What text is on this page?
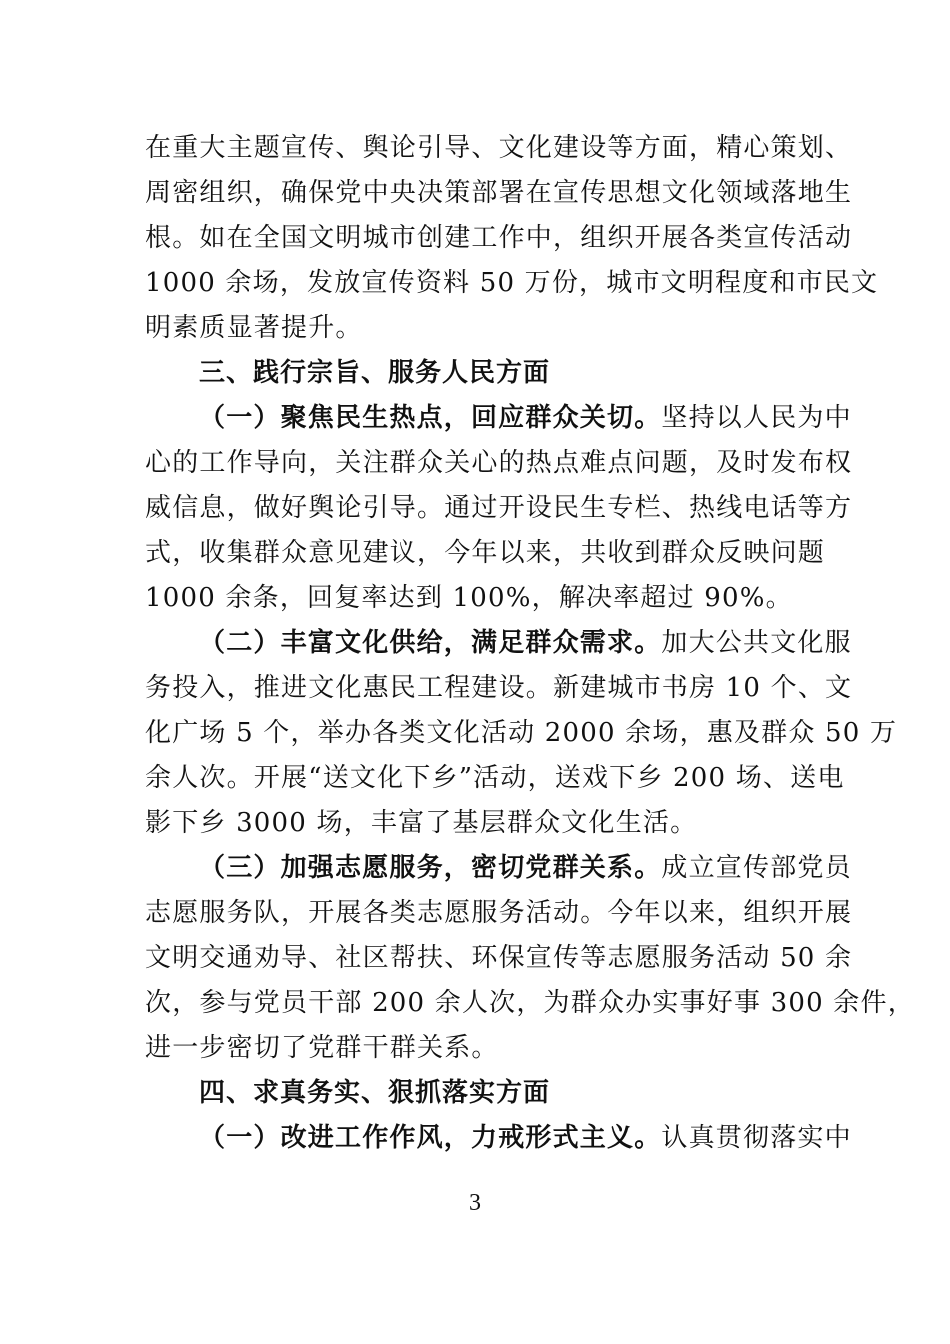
在重大主题宣传、舆论引导、文化建设等方面，精心策划、
周密组织，确保党中央决策部署在宣传思想文化领域落地生
根。如在全国文明城市创建工作中，组织开展各类宣传活动
1000 余场，发放宣传资料 50 万份，城市文明程度和市民文
明素质显著提升。
三、践行宗旨、服务人民方面
（一）聚焦民生热点，回应群众关切。坚持以人民为中
心的工作导向，关注群众关心的热点难点问题，及时发布权
威信息，做好舆论引导。通过开设民生专栏、热线电话等方
式，收集群众意见建议，今年以来，共收到群众反映问题
1000 余条，回复率达到 100%，解决率超过 90%。
（二）丰富文化供给，满足群众需求。加大公共文化服
务投入，推进文化惠民工程建设。新建城市书房 10 个、文
化广场 5 个，举办各类文化活动 2000 余场，惠及群众 50 万
余人次。开展“送文化下乡”活动，送戏下乡 200 场、送电
影下乡 3000 场，丰富了基层群众文化生活。
（三）加强志愿服务，密切党群关系。成立宣传部党员
志愿服务队，开展各类志愿服务活动。今年以来，组织开展
文明交通劝导、社区帮扶、环保宣传等志愿服务活动 50 余
次，参与党员干部 200 余人次，为群众办实事好事 300 余件，
进一步密切了党群干群关系。
四、求真务实、狠抓落实方面
（一）改进工作作风，力戒形式主义。认真贯彻落实中
3
